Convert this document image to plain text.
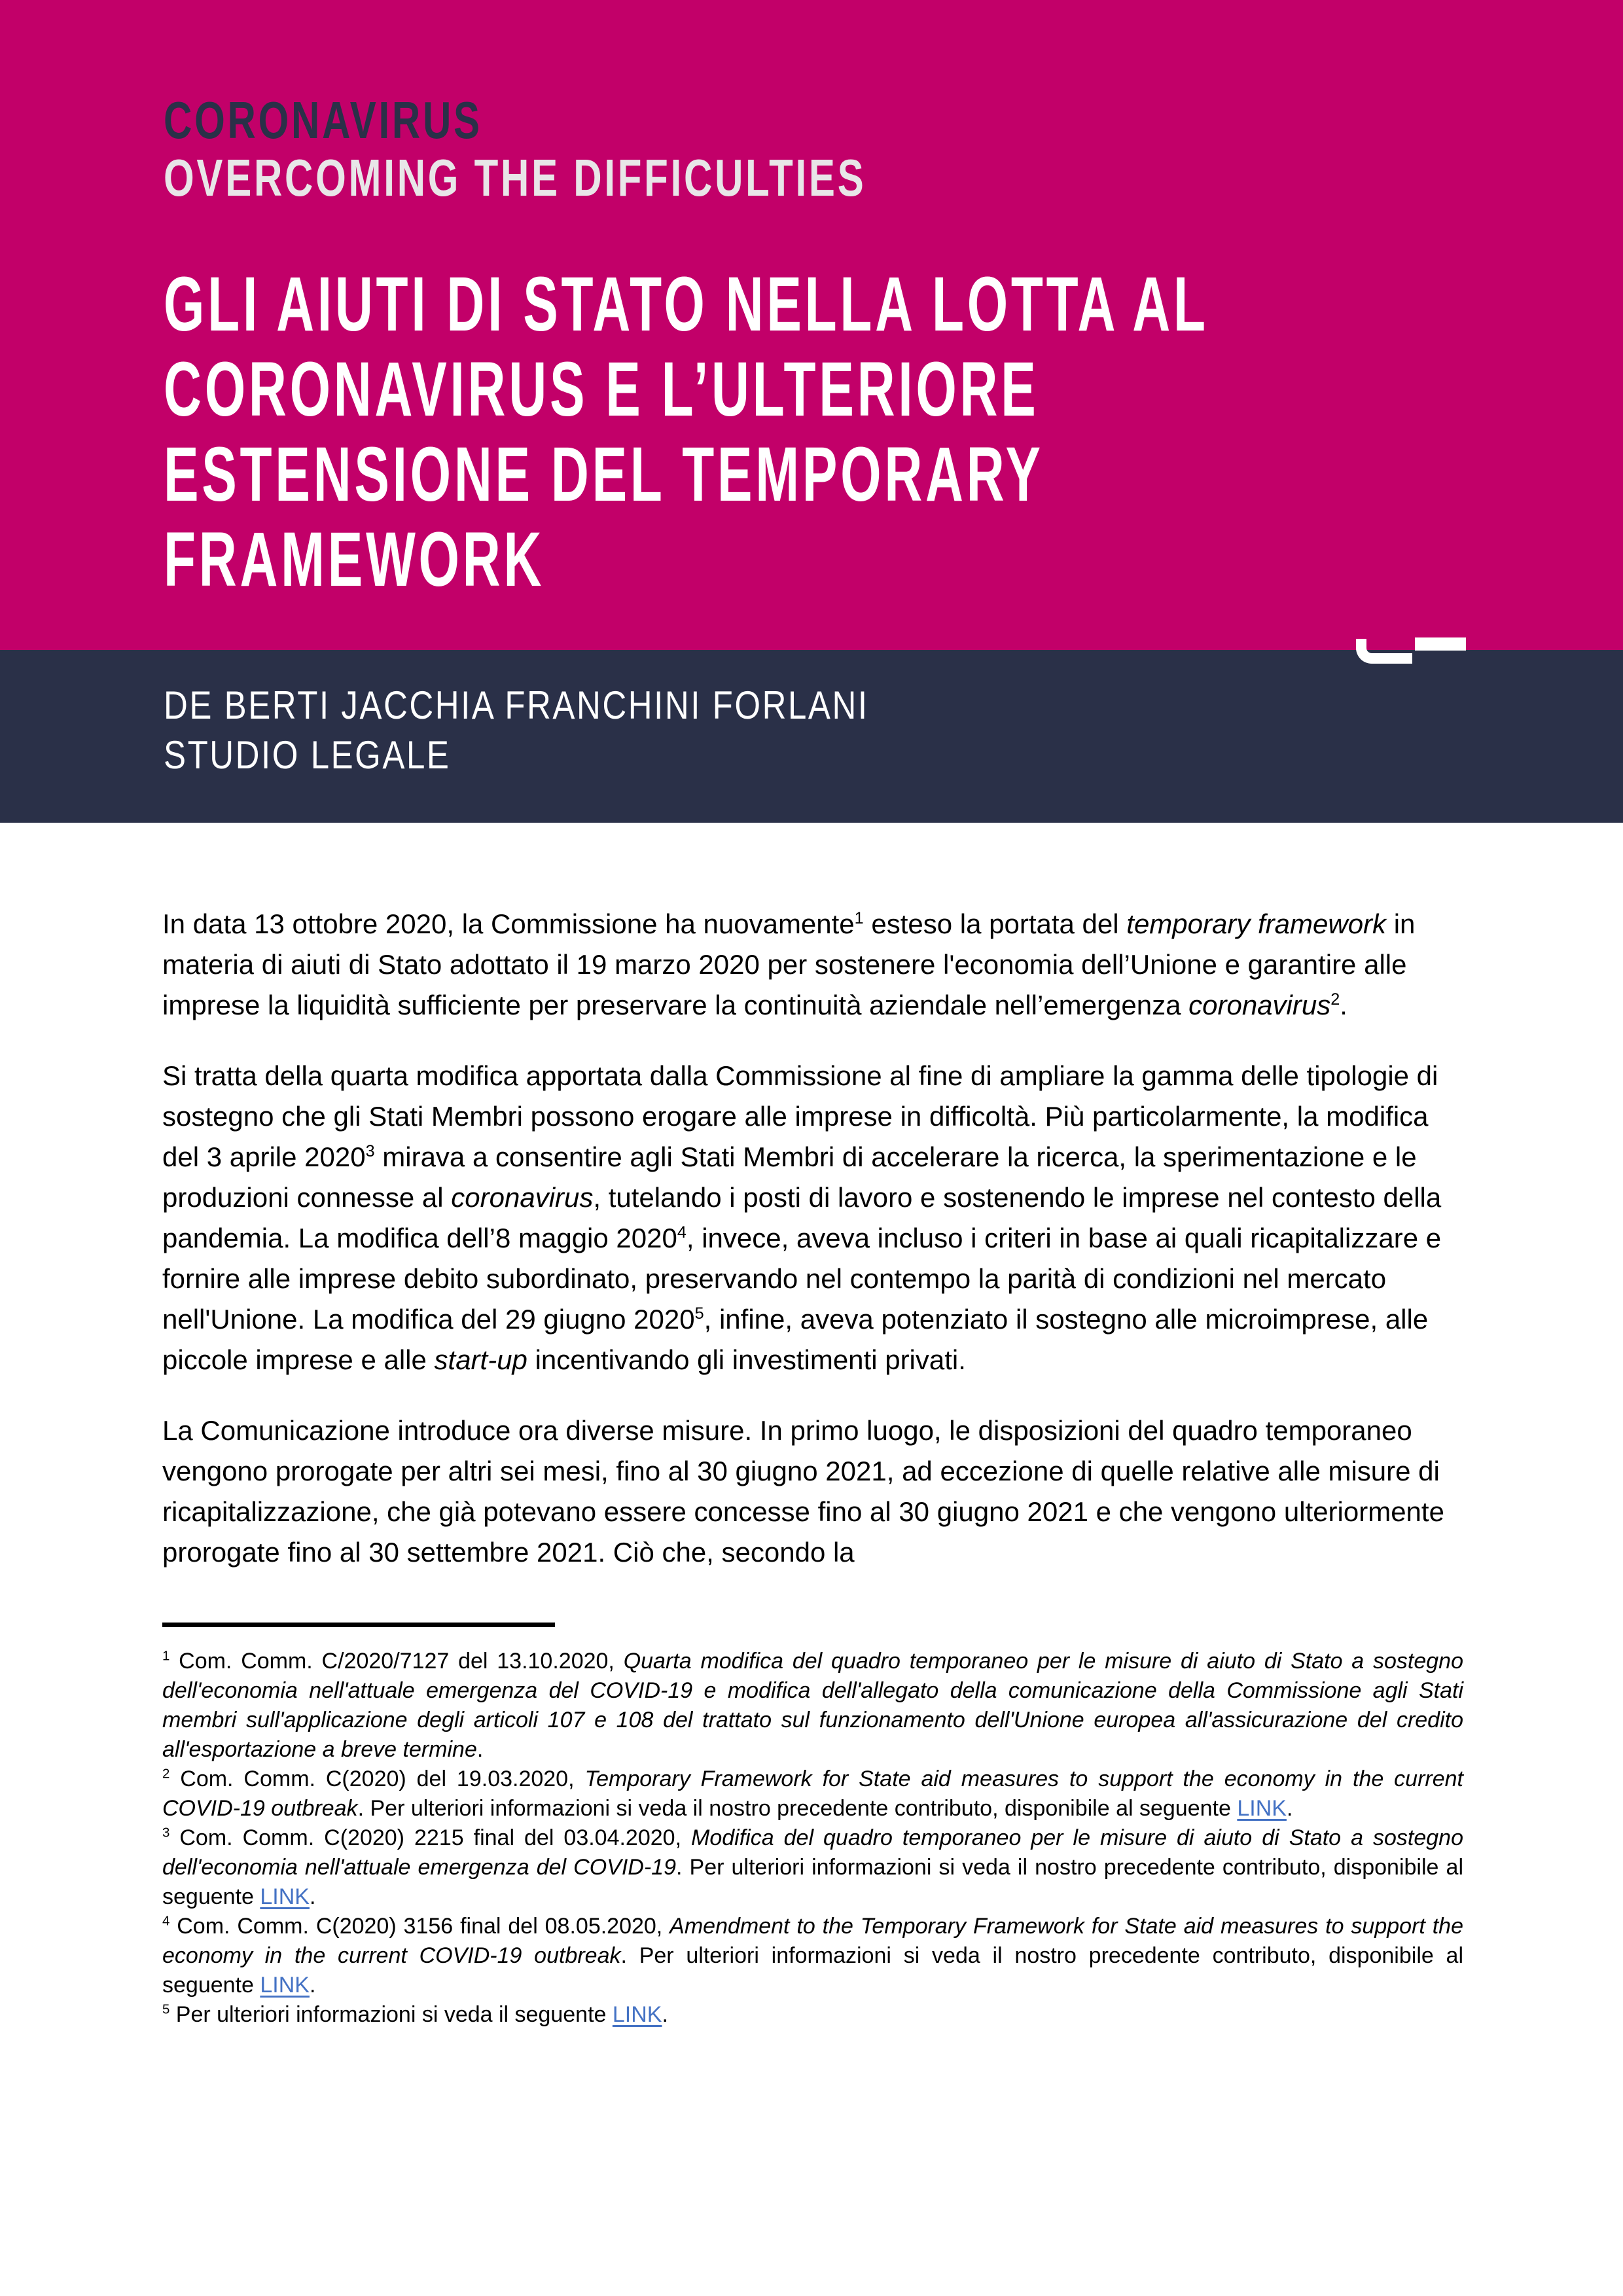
CORONAVIRUS
OVERCOMING THE DIFFICULTIES
GLI AIUTI DI STATO NELLA LOTTA AL
CORONAVIRUS E L’ULTERIORE
ESTENSIONE DEL TEMPORARY
FRAMEWORK
DE BERTI JACCHIA FRANCHINI FORLANI
STUDIO LEGALE

In data 13 ottobre 2020, la Commissione ha nuovamente$^1$ esteso la portata del temporary framework in materia di aiuti di Stato adottato il 19 marzo 2020 per sostenere l'economia dell’Unione e garantire alle imprese la liquidità sufficiente per preservare la continuità aziendale nell’emergenza coronavirus$^2$.

Si tratta della quarta modifica apportata dalla Commissione al fine di ampliare la gamma delle tipologie di sostegno che gli Stati Membri possono erogare alle imprese in difficoltà. Più particolarmente, la modifica del 3 aprile 2020$^3$ mirava a consentire agli Stati Membri di accelerare la ricerca, la sperimentazione e le produzioni connesse al coronavirus, tutelando i posti di lavoro e sostenendo le imprese nel contesto della pandemia. La modifica dell’8 maggio 2020$^4$, invece, aveva incluso i criteri in base ai quali ricapitalizzare e fornire alle imprese debito subordinato, preservando nel contempo la parità di condizioni nel mercato nell'Unione. La modifica del 29 giugno 2020$^5$, infine, aveva potenziato il sostegno alle microimprese, alle piccole imprese e alle start-up incentivando gli investimenti privati.

La Comunicazione introduce ora diverse misure. In primo luogo, le disposizioni del quadro temporaneo vengono prorogate per altri sei mesi, fino al 30 giugno 2021, ad eccezione di quelle relative alle misure di ricapitalizzazione, che già potevano essere concesse fino al 30 giugno 2021 e che vengono ulteriormente prorogate fino al 30 settembre 2021. Ciò che, secondo la

$^1$ Com. Comm. C/2020/7127 del 13.10.2020, Quarta modifica del quadro temporaneo per le misure di aiuto di Stato a sostegno dell'economia nell'attuale emergenza del COVID-19 e modifica dell'allegato della comunicazione della Commissione agli Stati membri sull'applicazione degli articoli 107 e 108 del trattato sul funzionamento dell'Unione europea all'assicurazione del credito all'esportazione a breve termine.

$^2$ Com. Comm. C(2020) del 19.03.2020, Temporary Framework for State aid measures to support the economy in the current COVID-19 outbreak. Per ulteriori informazioni si veda il nostro precedente contributo, disponibile al seguente LINK.

$^3$ Com. Comm. C(2020) 2215 final del 03.04.2020, Modifica del quadro temporaneo per le misure di aiuto di Stato a sostegno dell'economia nell'attuale emergenza del COVID-19. Per ulteriori informazioni si veda il nostro precedente contributo, disponibile al seguente LINK.

$^4$ Com. Comm. C(2020) 3156 final del 08.05.2020, Amendment to the Temporary Framework for State aid measures to support the economy in the current COVID-19 outbreak. Per ulteriori informazioni si veda il nostro precedente contributo, disponibile al seguente LINK.

$^5$ Per ulteriori informazioni si veda il seguente LINK.
